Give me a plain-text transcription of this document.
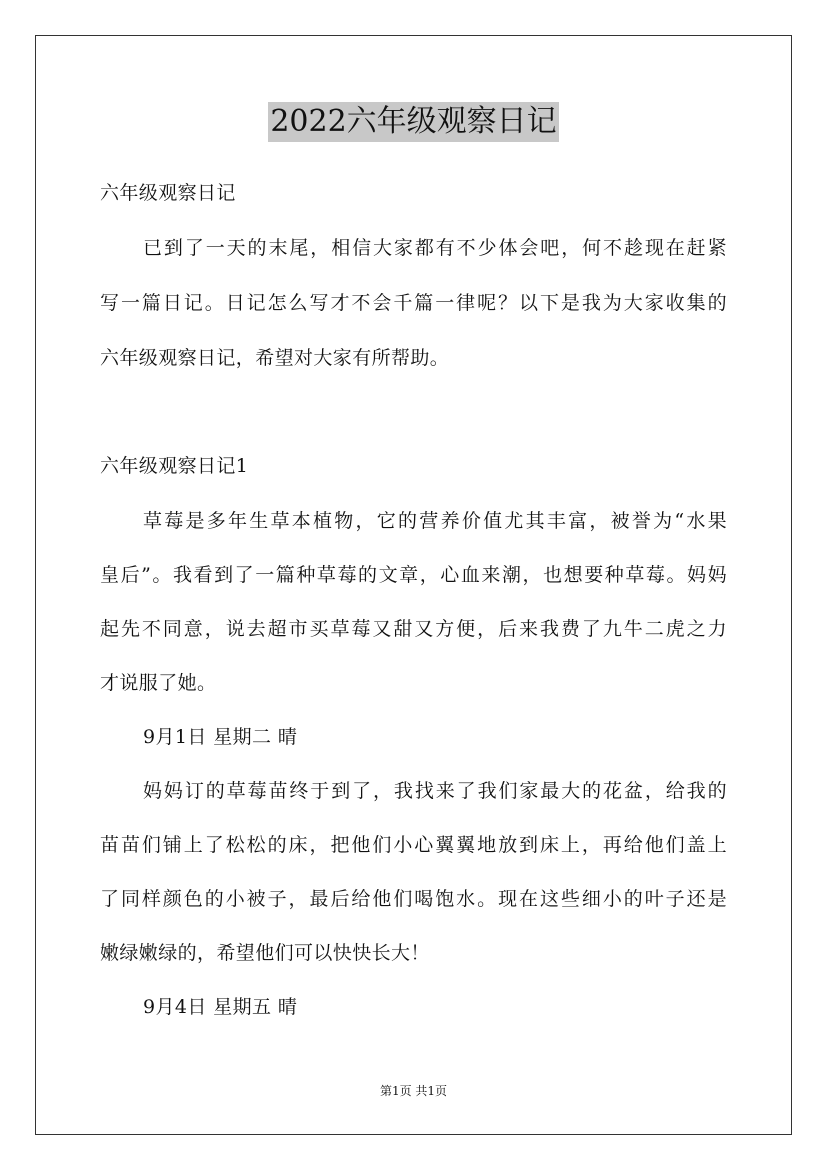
2022六年级观察日记
六年级观察日记
已到了一天的末尾，相信大家都有不少体会吧，何不趁现在赶紧
写一篇日记。日记怎么写才不会千篇一律呢？以下是我为大家收集的
六年级观察日记，希望对大家有所帮助。
六年级观察日记1
草莓是多年生草本植物，它的营养价值尤其丰富，被誉为“水果
皇后”。我看到了一篇种草莓的文章，心血来潮，也想要种草莓。妈妈
起先不同意，说去超市买草莓又甜又方便，后来我费了九牛二虎之力
才说服了她。
9月1日 星期二 晴
妈妈订的草莓苗终于到了，我找来了我们家最大的花盆，给我的
苗苗们铺上了松松的床，把他们小心翼翼地放到床上，再给他们盖上
了同样颜色的小被子，最后给他们喝饱水。现在这些细小的叶子还是
嫩绿嫩绿的，希望他们可以快快长大！
9月4日 星期五 晴
第1页 共1页
